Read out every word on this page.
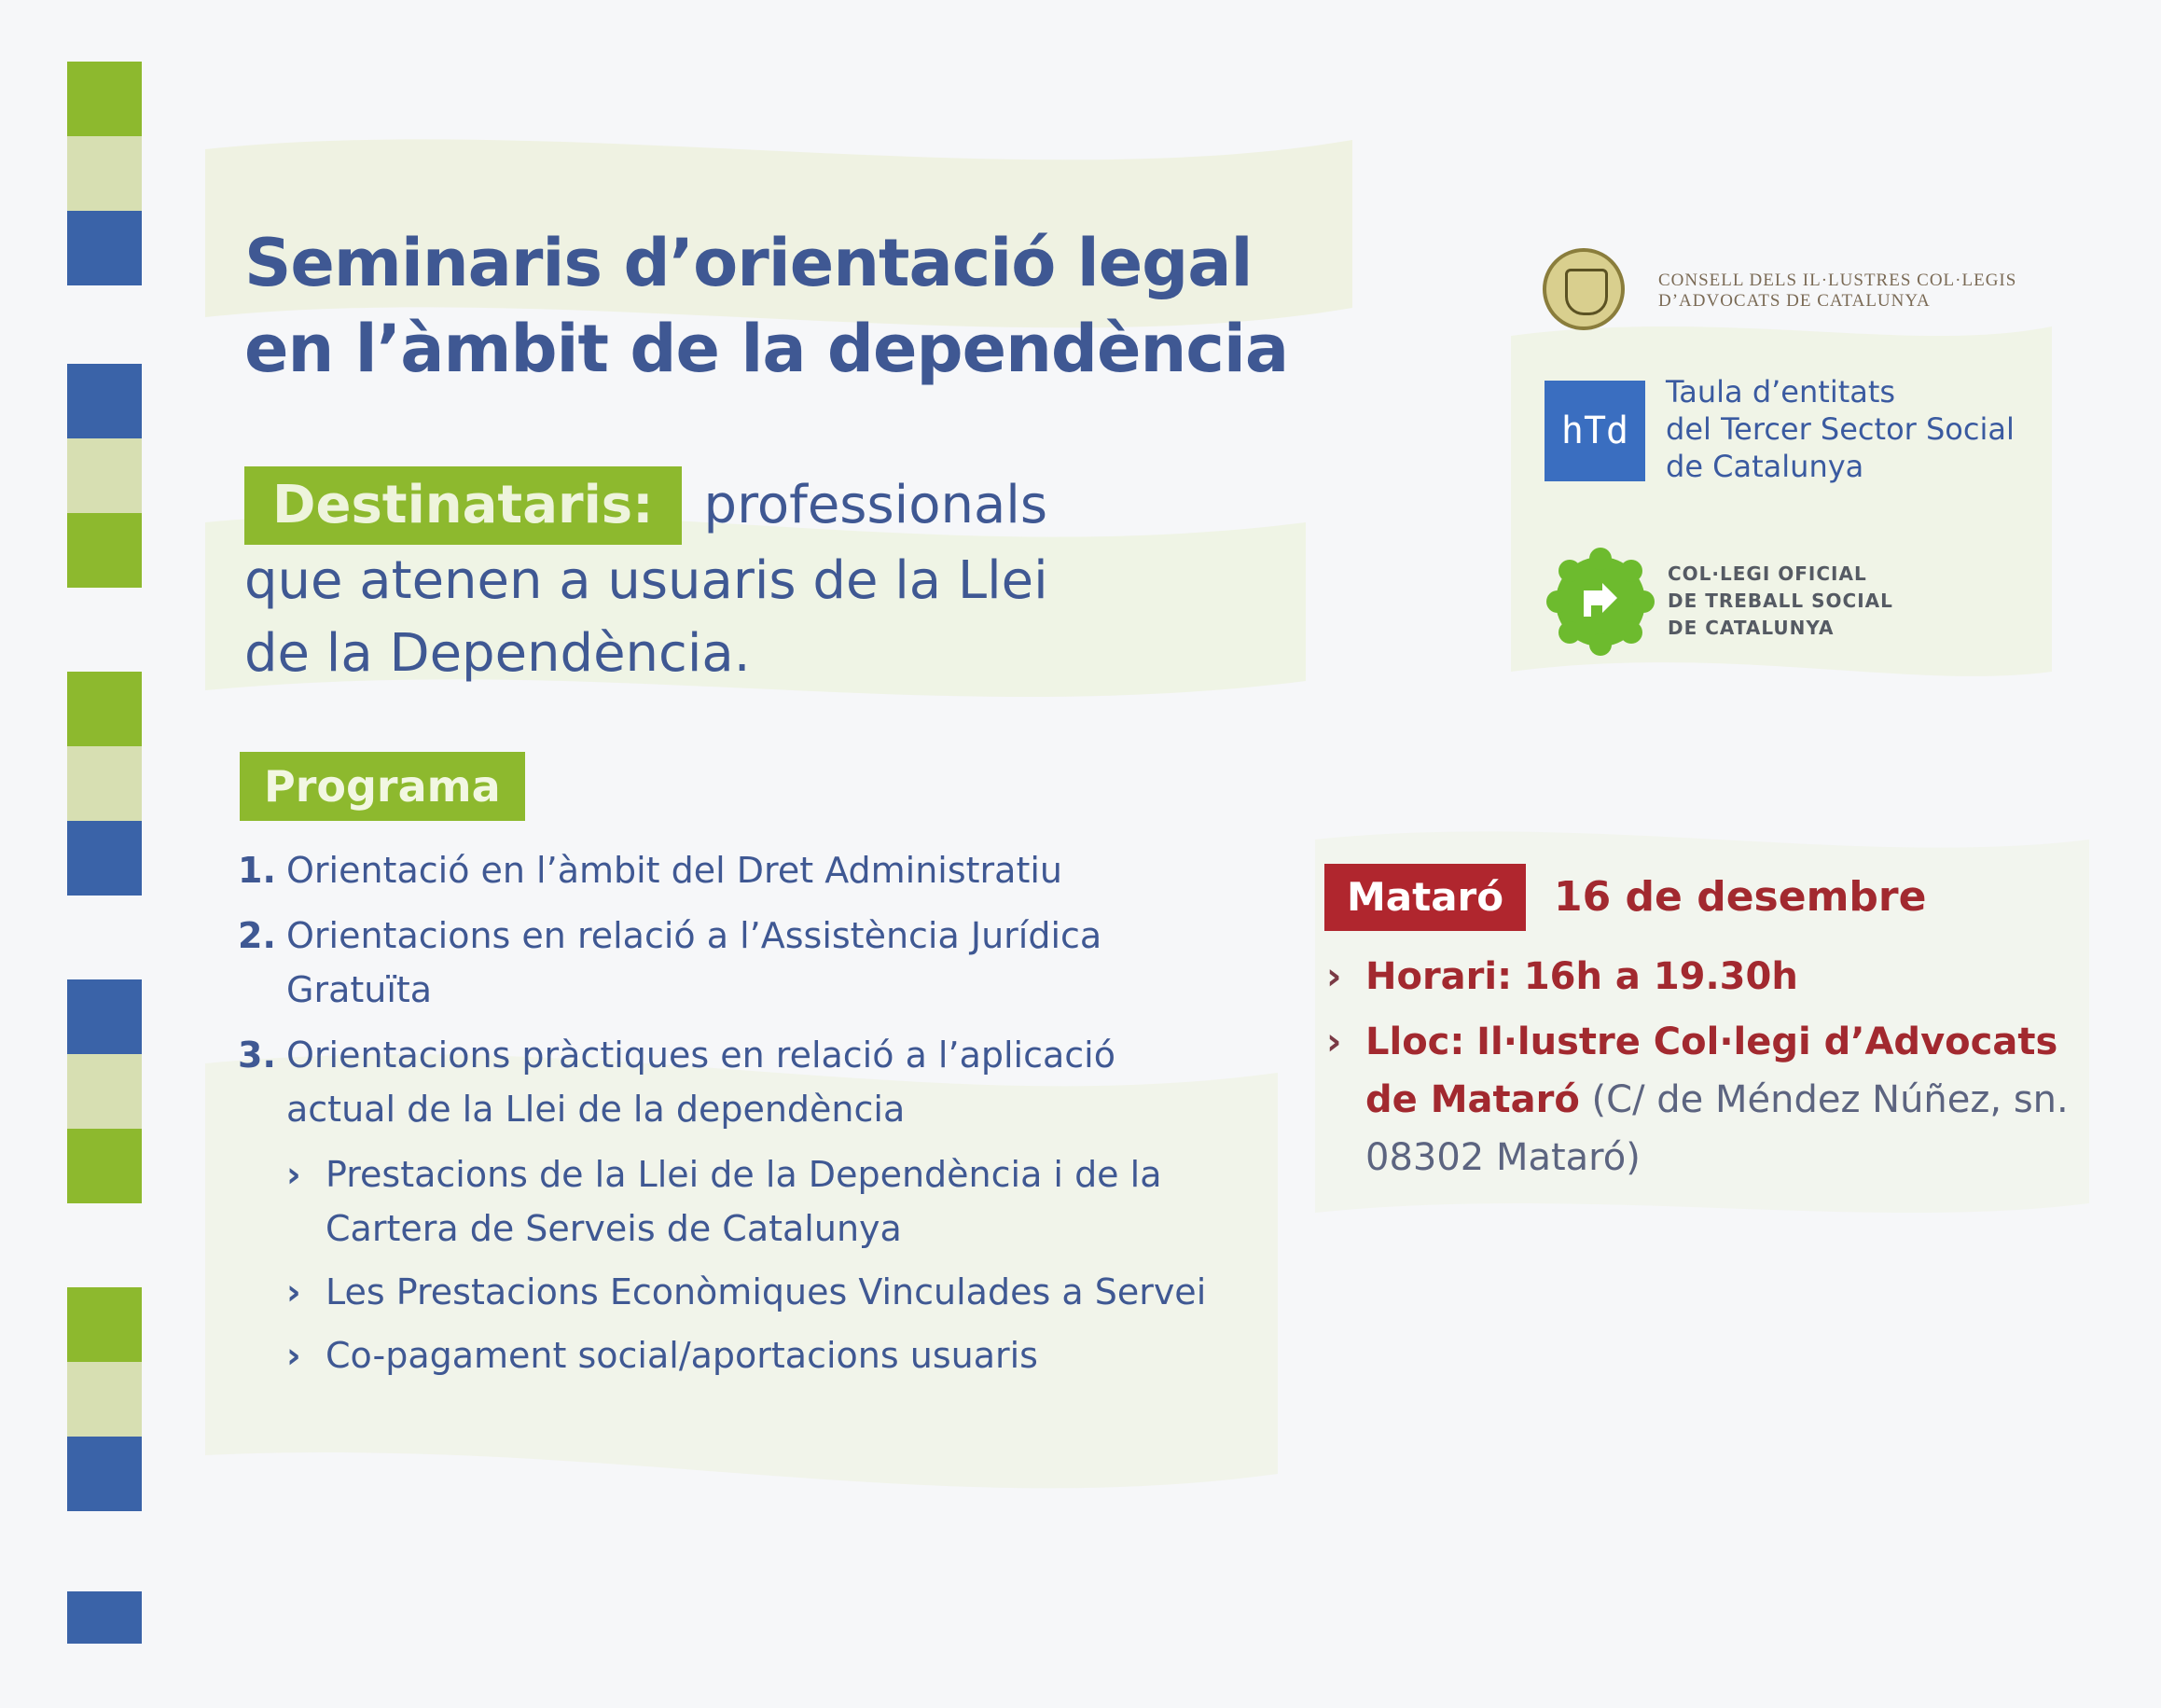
Seminaris d’orientació legal
en l’àmbit de la dependència
Destinataris: professionals
que atenen a usuaris de la Llei
de la Dependència.
Programa
1. Orientació en l’àmbit del Dret Administratiu
2. Orientacions en relació a l’Assistència Jurídica
Gratuïta
3. Orientacions pràctiques en relació a l’aplicació
actual de la Llei de la dependència
› Prestacions de la Llei de la Dependència i de la Cartera de Serveis de Catalunya
› Les Prestacions Econòmiques Vinculades a Servei
› Co-pagament social/aportacions usuaris
CONSELL DELS IL·LUSTRES COL·LEGIS
D’ADVOCATS DE CATALUNYA
hTd
Taula d’entitats
del Tercer Sector Social
de Catalunya
COL·LEGI OFICIAL
DE TREBALL SOCIAL
DE CATALUNYA
Mataró	16 de desembre
› Horari: 16h a 19.30h
› Lloc: Il·lustre Col·legi d’Advocats
de Mataró (C/ de Méndez Núñez, sn.
08302 Mataró)
